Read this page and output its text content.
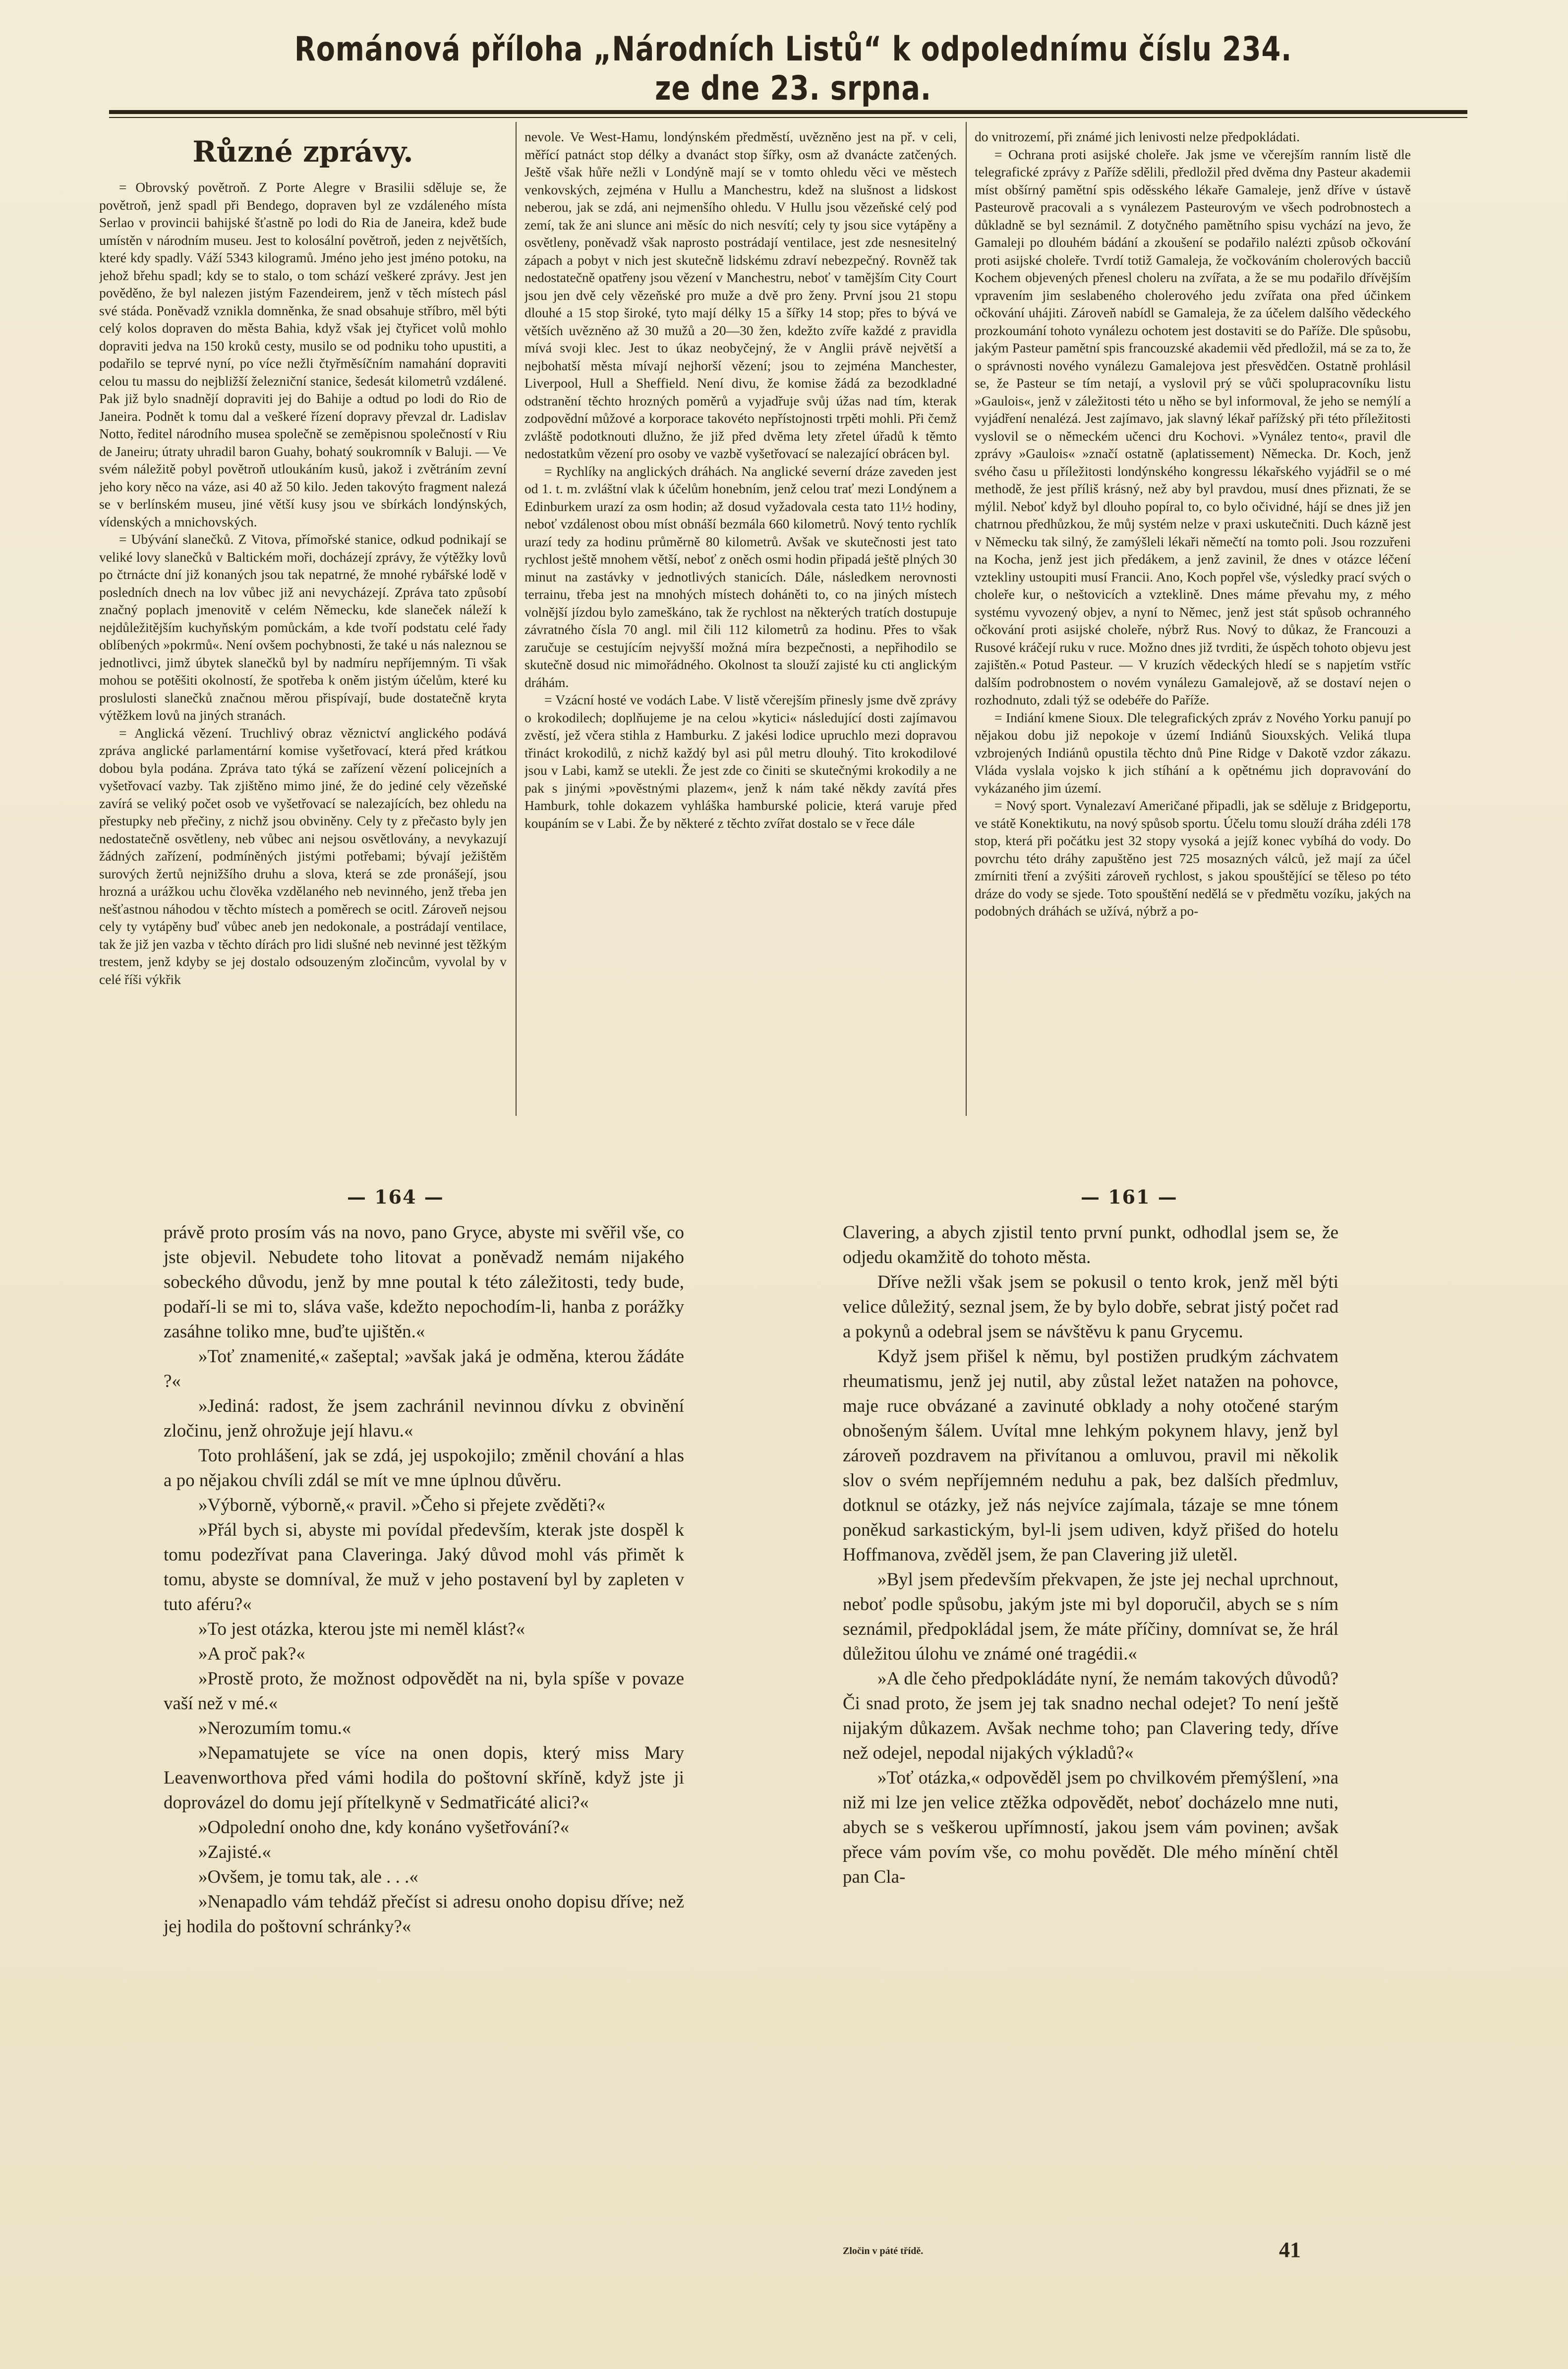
Románová příloha „Národních Listů“ k odpolednímu číslu 234. ze dne 23. srpna.

Různé zprávy.

= Obrovský povětroň. Z Porte Alegre v Brasilii sděluje se, že povětroň, jenž spadl při Bendego, dopraven byl ze vzdáleného místa Serlao v provincii bahijské šťastně po lodi do Ria de Janeira, kdež bude umístěn v národním museu. Jest to kolosální povětroň, jeden z největších, které kdy spadly. Váží 5343 kilogramů. Jméno jeho jest jméno potoku, na jehož břehu spadl; kdy se to stalo, o tom schází veškeré zprávy. Jest jen pověděno, že byl nalezen jistým Fazendeirem, jenž v těch místech pásl své stáda. Poněvadž vznikla domněnka, že snad obsahuje stříbro, měl býti celý kolos dopraven do města Bahia, když však jej čtyřicet volů mohlo dopraviti jedva na 150 kroků cesty, musilo se od podniku toho upustiti, a podařilo se teprvé nyní, po více nežli čtyřměsíčním namahání dopraviti celou tu massu do nejbližší železniční stanice, šedesát kilometrů vzdálené. Pak již bylo snadnějí dopraviti jej do Bahije a odtud po lodi do Rio de Janeira. Podnět k tomu dal a veškeré řízení dopravy převzal dr. Ladislav Notto, ředitel národního musea společně se zeměpisnou společností v Riu de Janeiru; útraty uhradil baron Guahy, bohatý soukromník v Baluji. — Ve svém náležitě pobyl povětroň utloukáním kusů, jakož i zvětráním zevní jeho kory něco na váze, asi 40 až 50 kilo. Jeden takovýto fragment nalezá se v berlínském museu, jiné větší kusy jsou ve sbírkách londýnských, vídenských a mnichovských.

= Ubývání slanečků. Z Vitova, přímořské stanice, odkud podnikají se veliké lovy slanečků v Baltickém moři, docházejí zprávy, že výtěžky lovů po čtrnácte dní již konaných jsou tak nepatrné, že mnohé rybářské lodě v posledních dnech na lov vůbec již ani nevycházejí. Zpráva tato způsobí značný poplach jmenovitě v celém Německu, kde slaneček náleží k nejdůležitějším kuchyňským pomůckám, a kde tvoří podstatu celé řady oblíbených »pokrmů«. Není ovšem pochybnosti, že také u nás naleznou se jednotlivci, jimž úbytek slanečků byl by nadmíru nepříjemným. Ti však mohou se potěšiti okolností, že spotřeba k oněm jistým účelům, které ku proslulosti slanečků značnou měrou přispívají, bude dostatečně kryta výtěžkem lovů na jiných stranách.

= Anglická vězení. Truchlivý obraz věznictví anglického podává zpráva anglické parlamentární komise vyšetřovací, která před krátkou dobou byla podána. Zpráva tato týká se zařízení vězení policejních a vyšetřovací vazby. Tak zjištěno mimo jiné, že do jediné cely vězeňské zavírá se veliký počet osob ve vyšetřovací se nalezajících, bez ohledu na přestupky neb přečiny, z nichž jsou obviněny. Cely ty z přečasto byly jen nedostatečně osvětleny, neb vůbec ani nejsou osvětlovány, a nevykazují žádných zařízení, podmíněných jistými potřebami; bývají ježištěm surových žertů nejnižšího druhu a slova, která se zde pronášejí, jsou hrozná a urážkou uchu člověka vzdělaného neb nevinného, jenž třeba jen nešťastnou náhodou v těchto místech a poměrech se ocitl. Zároveň nejsou cely ty vytápěny buď vůbec aneb jen nedokonale, a postrádají ventilace, tak že již jen vazba v těchto dírách pro lidi slušné neb nevinné jest těžkým trestem, jenž kdyby se jej dostalo odsouzeným zločincům, vyvolal by v celé říši výkřik

nevole. Ve West-Hamu, londýnském předměstí, uvězněno jest na př. v celi, měřící patnáct stop délky a dvanáct stop šířky, osm až dvanácte zatčených. Ještě však hůře nežli v Londýně mají se v tomto ohledu věci ve městech venkovských, zejména v Hullu a Manchestru, kdež na slušnost a lidskost neberou, jak se zdá, ani nejmenšího ohledu. V Hullu jsou vězeňské celý pod zemí, tak že ani slunce ani měsíc do nich nesvítí; cely ty jsou sice vytápěny a osvětleny, poněvadž však naprosto postrádají ventilace, jest zde nesnesitelný zápach a pobyt v nich jest skutečně lidskému zdraví nebezpečný. Rovněž tak nedostatečně opatřeny jsou vězení v Manchestru, neboť v tamějším City Court jsou jen dvě cely vězeňské pro muže a dvě pro ženy. První jsou 21 stopu dlouhé a 15 stop široké, tyto mají délky 15 a šířky 14 stop; přes to bývá ve větších uvězněno až 30 mužů a 20—30 žen, kdežto zvíře každé z pravidla mívá svoji klec. Jest to úkaz neobyčejný, že v Anglii právě největší a nejbohatší města mívají nejhorší vězení; jsou to zejména Manchester, Liverpool, Hull a Sheffield. Není divu, že komise žádá za bezodkladné odstranění těchto hrozných poměrů a vyjadřuje svůj úžas nad tím, kterak zodpovědní můžové a korporace takovéto nepřístojnosti trpěti mohli. Při čemž zvláště podotknouti dlužno, že již před dvěma lety zřetel úřadů k těmto nedostatkům vězení pro osoby ve vazbě vyšetřovací se nalezající obrácen byl.

= Rychlíky na anglických dráhách. Na anglické severní dráze zaveden jest od 1. t. m. zvláštní vlak k účelům honebním, jenž celou trať mezi Londýnem a Edinburkem urazí za osm hodin; až dosud vyžadovala cesta tato 11½ hodiny, neboť vzdálenost obou míst obnáší bezmála 660 kilometrů. Nový tento rychlík urazí tedy za hodinu průměrně 80 kilometrů. Avšak ve skutečnosti jest tato rychlost ještě mnohem větší, neboť z oněch osmi hodin připadá ještě plných 30 minut na zastávky v jednotlivých stanicích. Dále, následkem nerovnosti terrainu, třeba jest na mnohých místech doháněti to, co na jiných místech volnější jízdou bylo zameškáno, tak že rychlost na některých tratích dostupuje závratného čísla 70 angl. mil čili 112 kilometrů za hodinu. Přes to však zaručuje se cestujícím nejvyšší možná míra bezpečnosti, a nepřihodilo se skutečně dosud nic mimořádného. Okolnost ta slouží zajisté ku cti anglickým dráhám.

= Vzácní hosté ve vodách Labe. V listě včerejším přinesly jsme dvě zprávy o krokodilech; doplňujeme je na celou »kytici« následující dosti zajímavou zvěstí, jež včera stihla z Hamburku. Z jakési lodice upruchlo mezi dopravou třináct krokodilů, z nichž každý byl asi půl metru dlouhý. Tito krokodilové jsou v Labi, kamž se utekli. Že jest zde co činiti se skutečnými krokodily a ne pak s jinými »pověstnými plazem«, jenž k nám také někdy zavítá přes Hamburk, tohle dokazem vyhláška hamburské policie, která varuje před koupáním se v Labi. Že by některé z těchto zvířat dostalo se v řece dále

do vnitrozemí, při známé jich lenivosti nelze předpokládati.

= Ochrana proti asijské choleře. Jak jsme ve včerejším ranním listě dle telegrafické zprávy z Paříže sdělili, předložil před dvěma dny Pasteur akademii míst obšírný pamětní spis oděsského lékaře Gamaleje, jenž dříve v ústavě Pasteurově pracovali a s vynálezem Pasteurovým ve všech podrobnostech a důkladně se byl seznámil. Z dotyčného pamětního spisu vychází na jevo, že Gamaleji po dlouhém bádání a zkoušení se podařilo nalézti způsob očkování proti asijské choleře. Tvrdí totiž Gamaleja, že vočkováním cholerových bacciů Kochem objevených přenesl choleru na zvířata, a že se mu podařilo dřívějším vpravením jim seslabeného cholerového jedu zvířata ona před účinkem očkování uhájiti. Zároveň nabídl se Gamaleja, že za účelem dalšího vědeckého prozkoumání tohoto vynálezu ochotem jest dostaviti se do Paříže. Dle spůsobu, jakým Pasteur pamětní spis francouzské akademii věd předložil, má se za to, že o správnosti nového vynálezu Gamalejova jest přesvědčen. Ostatně prohlásil se, že Pasteur se tím netají, a vyslovil prý se vůči spolupracovníku listu »Gaulois«, jenž v záležitosti této u něho se byl informoval, že jeho se nemýlí a vyjádření nenalézá. Jest zajímavo, jak slavný lékař pařížský při této příležitosti vyslovil se o německém učenci dru Kochovi. »Vynález tento«, pravil dle zprávy »Gaulois« »značí ostatně (aplatissement) Německa. Dr. Koch, jenž svého času u příležitosti londýnského kongressu lékařského vyjádřil se o mé methodě, že jest příliš krásný, než aby byl pravdou, musí dnes přiznati, že se mýlil. Neboť když byl dlouho popíral to, co bylo očividné, hájí se dnes již jen chatrnou předhůzkou, že můj systém nelze v praxi uskutečniti. Duch kázně jest v Německu tak silný, že zamýšleli lékaři němečtí na tomto poli. Jsou rozzuřeni na Kocha, jenž jest jich předákem, a jenž zavinil, že dnes v otázce léčení vztekliny ustoupiti musí Francii. Ano, Koch popřel vše, výsledky prací svých o choleře kur, o neštovicích a vzteklině. Dnes máme převahu my, z mého systému vyvozený objev, a nyní to Němec, jenž jest stát spůsob ochranného očkování proti asijské choleře, nýbrž Rus. Nový to důkaz, že Francouzi a Rusové kráčejí ruku v ruce. Možno dnes již tvrditi, že úspěch tohoto objevu jest zajištěn.« Potud Pasteur. — V kruzích vědeckých hledí se s napjetím vstříc dalším podrobnostem o novém vynálezu Gamalejově, až se dostaví nejen o rozhodnuto, zdali týž se odebéře do Paříže.

= Indiání kmene Sioux. Dle telegrafických zpráv z Nového Yorku panují po nějakou dobu již nepokoje v území Indiánů Siouxských. Veliká tlupa vzbrojených Indiánů opustila těchto dnů Pine Ridge v Dakotě vzdor zákazu. Vláda vyslala vojsko k jich stíhání a k opětnému jich dopravování do vykázaného jim území.

= Nový sport. Vynalezaví Američané připadli, jak se sděluje z Bridgeportu, ve státě Konektikutu, na nový spůsob sportu. Účelu tomu slouží dráha zdéli 178 stop, která při počátku jest 32 stopy vysoká a jejíž konec vybíhá do vody. Do povrchu této dráhy zapuštěno jest 725 mosazných válců, jež mají za účel zmírniti tření a zvýšiti zároveň rychlost, s jakou spouštějící se těleso po této dráze do vody se sjede. Toto spouštění nedělá se v předmětu vozíku, jakých na podobných dráhách se užívá, nýbrž a po-

— 164 —	— 161 —

právě proto prosím vás na novo, pano Gryce, abyste mi svěřil vše, co jste objevil. Nebudete toho litovat a poněvadž nemám nijakého sobeckého důvodu, jenž by mne poutal k této záležitosti, tedy bude, podaří-li se mi to, sláva vaše, kdežto nepochodím-li, hanba z porážky zasáhne toliko mne, buďte ujištěn.«

»Toť znamenité,« zašeptal; »avšak jaká je odměna, kterou žádáte ?«

»Jediná: radost, že jsem zachránil nevinnou dívku z obvinění zločinu, jenž ohrožuje její hlavu.«

Toto prohlášení, jak se zdá, jej uspokojilo; změnil chování a hlas a po nějakou chvíli zdál se mít ve mne úplnou důvěru.

»Výborně, výborně,« pravil. »Čeho si přejete zvěděti?«

»Přál bych si, abyste mi povídal především, kterak jste dospěl k tomu podezřívat pana Claveringa. Jaký důvod mohl vás přimět k tomu, abyste se domníval, že muž v jeho postavení byl by zapleten v tuto aféru?«

»To jest otázka, kterou jste mi neměl klást?«

»A proč pak?«

»Prostě proto, že možnost odpovědět na ni, byla spíše v povaze vaší než v mé.«

»Nerozumím tomu.«

»Nepamatujete se více na onen dopis, který miss Mary Leavenworthova před vámi hodila do poštovní skříně, když jste ji doprovázel do domu její přítelkyně v Sedmatřicáté alici?«

»Odpolední onoho dne, kdy konáno vyšetřování?«

»Zajisté.«

»Ovšem, je tomu tak, ale . . .«

»Nenapadlo vám tehdáž přečíst si adresu onoho dopisu dříve; než jej hodila do poštovní schránky?«

Clavering, a abych zjistil tento první punkt, odhodlal jsem se, že odjedu okamžitě do tohoto města.

Dříve nežli však jsem se pokusil o tento krok, jenž měl býti velice důležitý, seznal jsem, že by bylo dobře, sebrat jistý počet rad a pokynů a odebral jsem se návštěvu k panu Grycemu.

Když jsem přišel k němu, byl postižen prudkým záchvatem rheumatismu, jenž jej nutil, aby zůstal ležet natažen na pohovce, maje ruce obvázané a zavinuté obklady a nohy otočené starým obnošeným šálem. Uvítal mne lehkým pokynem hlavy, jenž byl zároveň pozdravem na přivítanou a omluvou, pravil mi několik slov o svém nepříjemném neduhu a pak, bez dalších předmluv, dotknul se otázky, jež nás nejvíce zajímala, tázaje se mne tónem poněkud sarkastickým, byl-li jsem udiven, když přišed do hotelu Hoffmanova, zvěděl jsem, že pan Clavering již uletěl.

»Byl jsem především překvapen, že jste jej nechal uprchnout, neboť podle spůsobu, jakým jste mi byl doporučil, abych se s ním seznámil, předpokládal jsem, že máte příčiny, domnívat se, že hrál důležitou úlohu ve známé oné tragédii.«

»A dle čeho předpokládáte nyní, že nemám takových důvodů? Či snad proto, že jsem jej tak snadno nechal odejet? To není ještě nijakým důkazem. Avšak nechme toho; pan Clavering tedy, dříve než odejel, nepodal nijakých výkladů?«

»Toť otázka,« odpověděl jsem po chvilkovém přemýšlení, »na niž mi lze jen velice ztěžka odpovědět, neboť docházelo mne nuti, abych se s veškerou upřímností, jakou jsem vám povinen; avšak přece vám povím vše, co mohu povědět. Dle mého mínění chtěl pan Cla-

Zločin v páté třídě.	41
